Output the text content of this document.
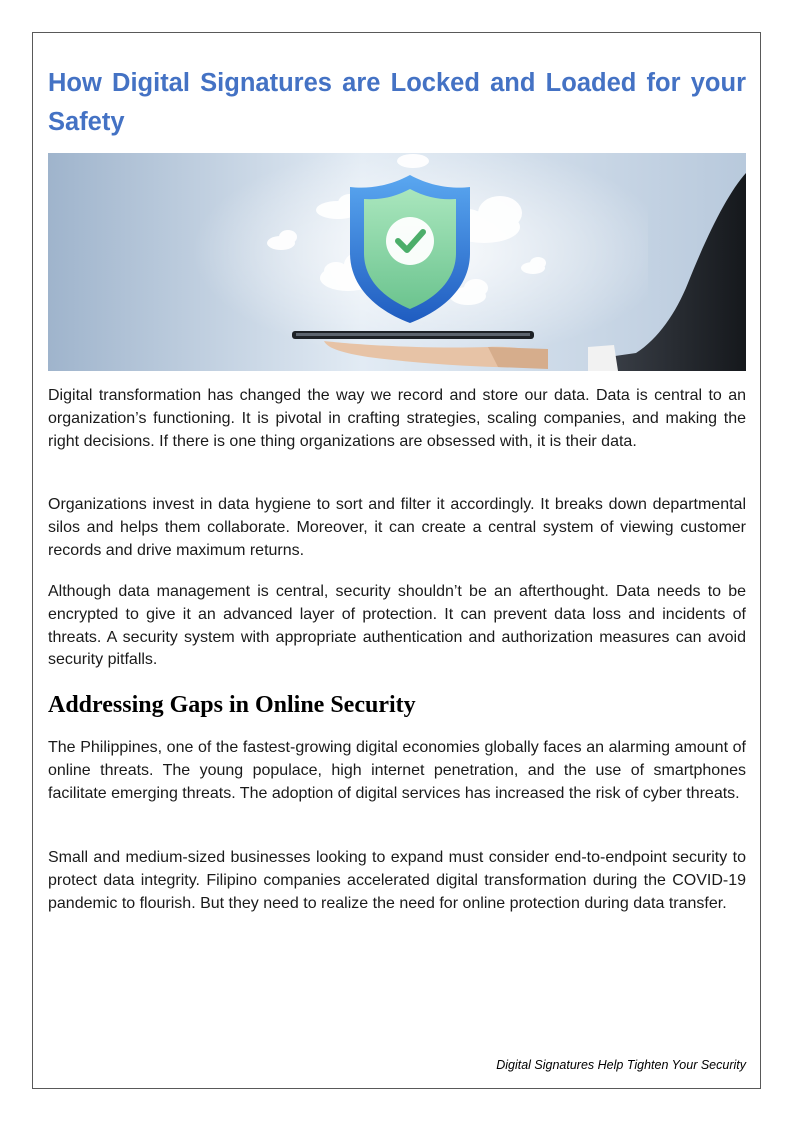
How Digital Signatures are Locked and Loaded for your Safety

Digital transformation has changed the way we record and store our data. Data is central to an organization’s functioning. It is pivotal in crafting strategies, scaling companies, and making the right decisions. If there is one thing organizations are obsessed with, it is their data.

Organizations invest in data hygiene to sort and filter it accordingly. It breaks down departmental silos and helps them collaborate. Moreover, it can create a central system of viewing customer records and drive maximum returns.

Although data management is central, security shouldn’t be an afterthought. Data needs to be encrypted to give it an advanced layer of protection. It can prevent data loss and incidents of threats. A security system with appropriate authentication and authorization measures can avoid security pitfalls.

Addressing Gaps in Online Security

The Philippines, one of the fastest-growing digital economies globally faces an alarming amount of online threats. The young populace, high internet penetration, and the use of smartphones facilitate emerging threats. The adoption of digital services has increased the risk of cyber threats.

Small and medium-sized businesses looking to expand must consider end-to-endpoint security to protect data integrity. Filipino companies accelerated digital transformation during the COVID-19 pandemic to flourish. But they need to realize the need for online protection during data transfer.

Digital Signatures Help Tighten Your Security
